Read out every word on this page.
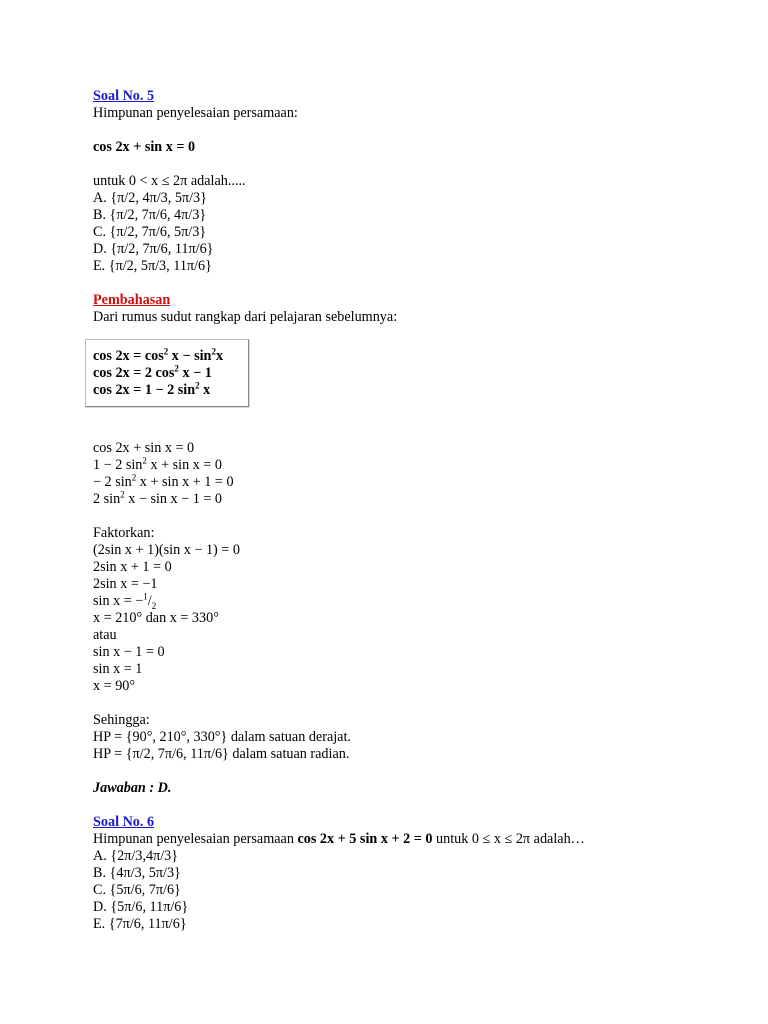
Soal No. 5
Himpunan penyelesaian persamaan:
cos 2x + sin x = 0
untuk 0 < x ≤ 2π adalah.....
A. {π/2, 4π/3, 5π/3}
B. {π/2, 7π/6, 4π/3}
C. {π/2, 7π/6, 5π/3}
D. {π/2, 7π/6, 11π/6}
E. {π/2, 5π/3, 11π/6}
Pembahasan
Dari rumus sudut rangkap dari pelajaran sebelumnya:
$\cos 2x = \cos^2 x - \sin^2x$
cos 2x = 2 $\cos^2 x - 1$
cos 2x = 1 − 2 $\sin^2 x$
cos 2x + sin x = 0
1 − 2 $\sin^2 x + \sin x = 0$
− 2 $\sin^2 x + \sin x + 1 = 0$
2 $\sin^2 x - \sin x - 1 = 0$
Faktorkan:
(2sin x + 1)(sin x − 1) = 0
2sin x + 1 = 0
2sin x = −1
$\sin x = -^1/_2$
x = 210° dan x = 330°
atau
sin x − 1 = 0
sin x = 1
x = 90°
Sehingga:
HP = {90°, 210°, 330°} dalam satuan derajat.
HP = {π/2, 7π/6, 11π/6} dalam satuan radian.
Jawaban : D.
Soal No. 6
Himpunan penyelesaian persamaan cos 2x + 5 sin x + 2 = 0 untuk 0 ≤ x ≤ 2π adalah…
A. {2π/3,4π/3}
B. {4π/3, 5π/3}
C. {5π/6, 7π/6}
D. {5π/6, 11π/6}
E. {7π/6, 11π/6}
